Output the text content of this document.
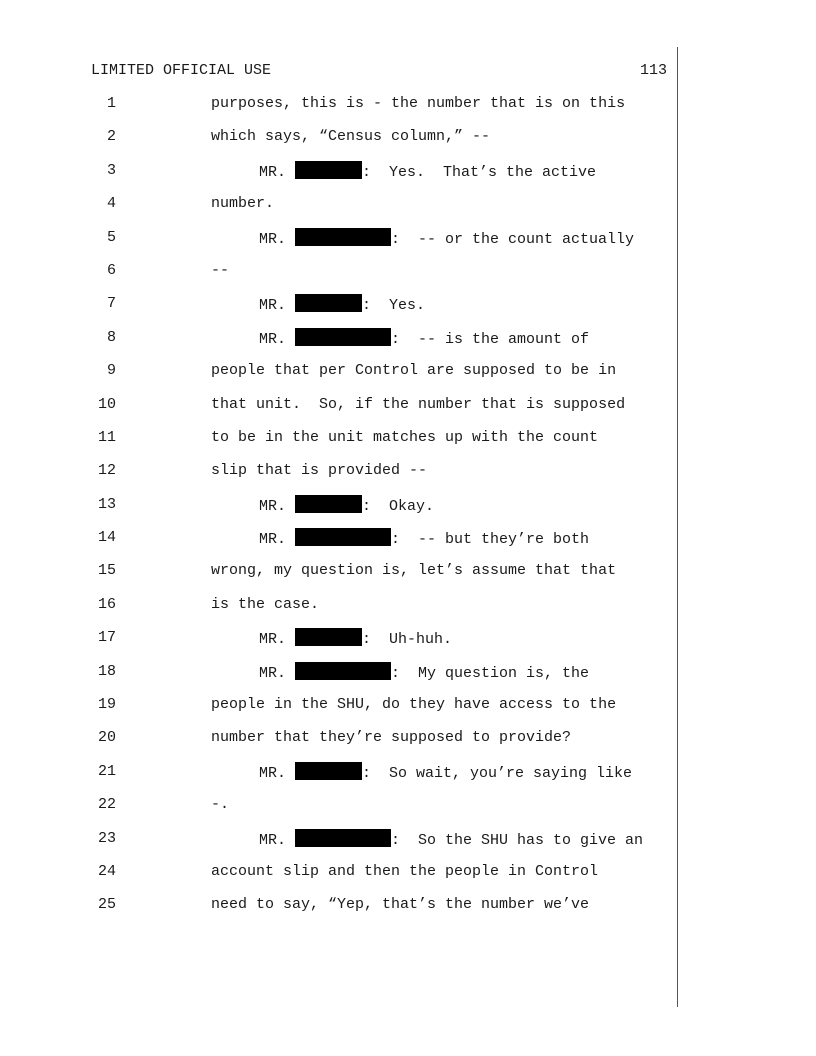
LIMITED OFFICIAL USE	113
1	purposes, this is - the number that is on this
2	which says, “Census column,” --
3	MR.	:  Yes.  That’s the active
4	number.
5	MR.	:  -- or the count actually
6	--
7	MR.	:  Yes.
8	MR.	:  -- is the amount of
9	people that per Control are supposed to be in
10	that unit.  So, if the number that is supposed
11	to be in the unit matches up with the count
12	slip that is provided --
13	MR.	:  Okay.
14	MR.	:  -- but they’re both
15	wrong, my question is, let’s assume that that
16	is the case.
17	MR.	:  Uh-huh.
18	MR.	:  My question is, the
19	people in the SHU, do they have access to the
20	number that they’re supposed to provide?
21	MR.	:  So wait, you’re saying like
22	-.
23	MR.	:  So the SHU has to give an
24	account slip and then the people in Control
25	need to say, “Yep, that’s the number we’ve
